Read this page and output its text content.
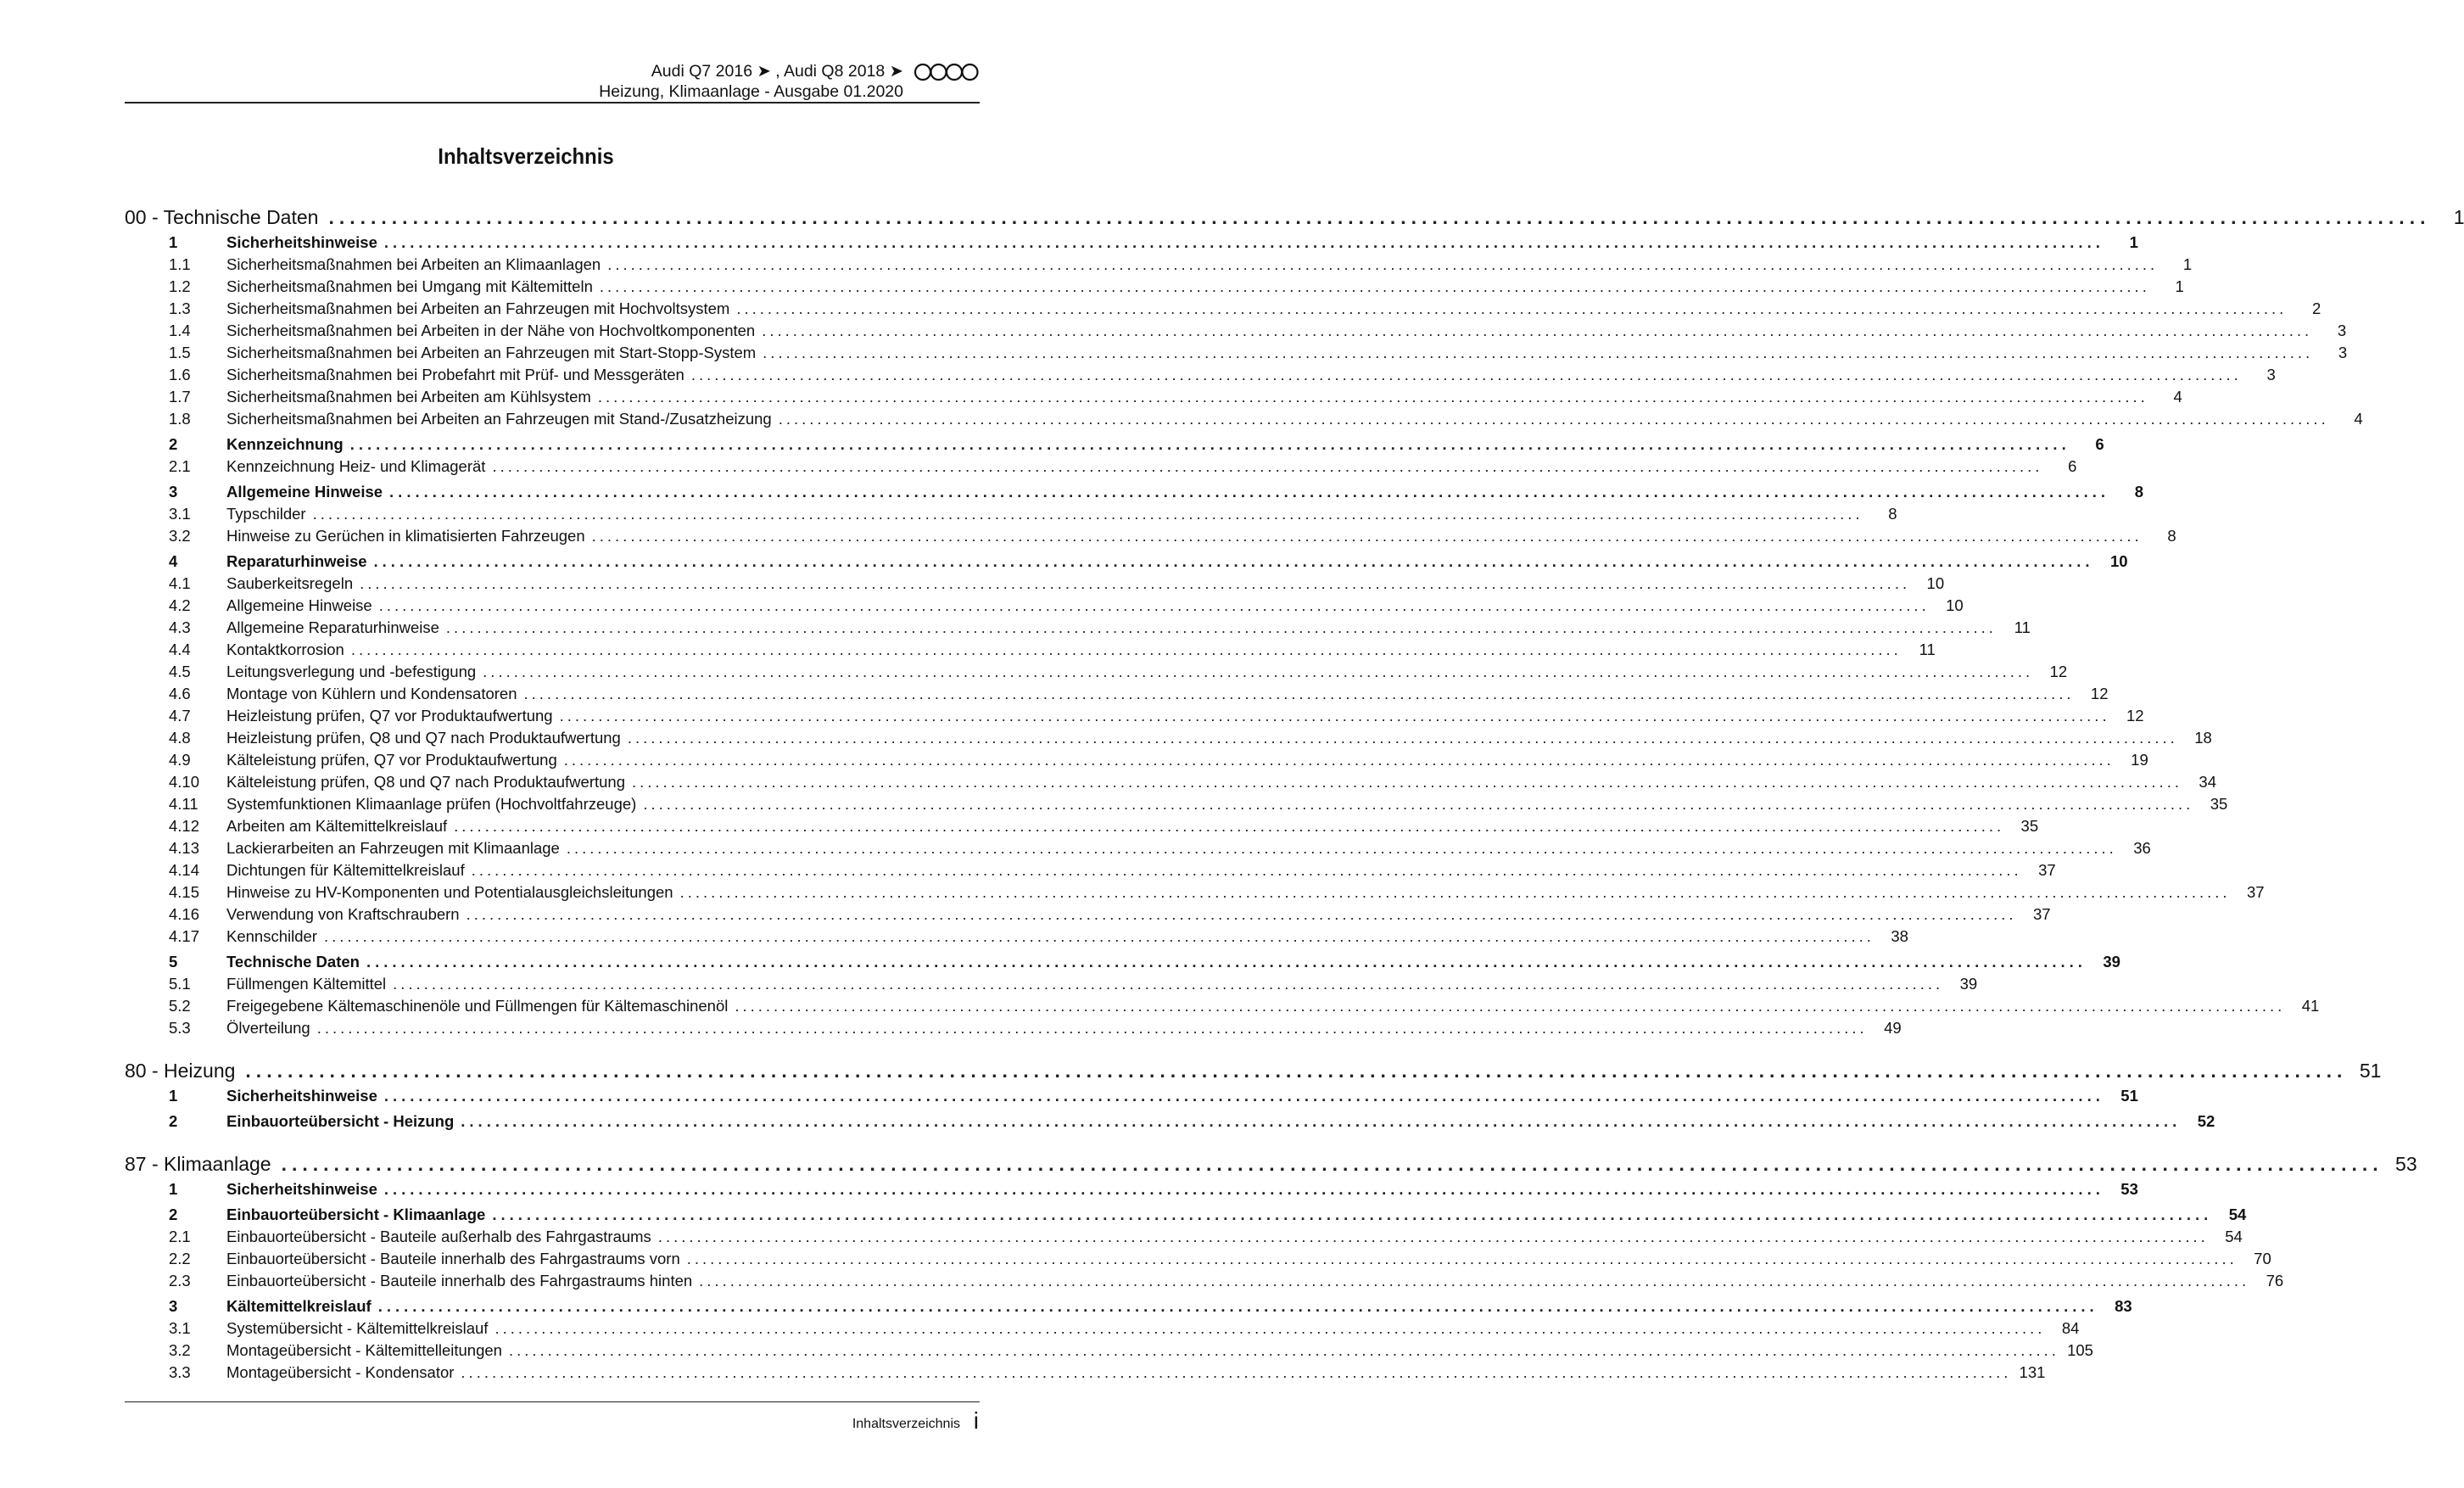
Audi Q7 2016 ➤ , Audi Q8 2018 ➤
Heizung, Klimaanlage - Ausgabe 01.2020
Inhaltsverzeichnis
00 - Technische Daten ........................................................................................................................................................................................................	1
1	Sicherheitshinweise ........................................................................................................................................................................................................	1
1.1	Sicherheitsmaßnahmen bei Arbeiten an Klimaanlagen ........................................................................................................................................................................................................	1
1.2	Sicherheitsmaßnahmen bei Umgang mit Kältemitteln ........................................................................................................................................................................................................	1
1.3	Sicherheitsmaßnahmen bei Arbeiten an Fahrzeugen mit Hochvoltsystem ........................................................................................................................................................................................................	2
1.4	Sicherheitsmaßnahmen bei Arbeiten in der Nähe von Hochvoltkomponenten ........................................................................................................................................................................................................	3
1.5	Sicherheitsmaßnahmen bei Arbeiten an Fahrzeugen mit Start-Stopp-System ........................................................................................................................................................................................................	3
1.6	Sicherheitsmaßnahmen bei Probefahrt mit Prüf- und Messgeräten ........................................................................................................................................................................................................	3
1.7	Sicherheitsmaßnahmen bei Arbeiten am Kühlsystem ........................................................................................................................................................................................................	4
1.8	Sicherheitsmaßnahmen bei Arbeiten an Fahrzeugen mit Stand-/Zusatzheizung ........................................................................................................................................................................................................	4
2	Kennzeichnung ........................................................................................................................................................................................................	6
2.1	Kennzeichnung Heiz- und Klimagerät ........................................................................................................................................................................................................	6
3	Allgemeine Hinweise ........................................................................................................................................................................................................	8
3.1	Typschilder ........................................................................................................................................................................................................	8
3.2	Hinweise zu Gerüchen in klimatisierten Fahrzeugen ........................................................................................................................................................................................................	8
4	Reparaturhinweise ........................................................................................................................................................................................................	10
4.1	Sauberkeitsregeln ........................................................................................................................................................................................................	10
4.2	Allgemeine Hinweise ........................................................................................................................................................................................................	10
4.3	Allgemeine Reparaturhinweise ........................................................................................................................................................................................................	11
4.4	Kontaktkorrosion ........................................................................................................................................................................................................	11
4.5	Leitungsverlegung und -befestigung ........................................................................................................................................................................................................	12
4.6	Montage von Kühlern und Kondensatoren ........................................................................................................................................................................................................	12
4.7	Heizleistung prüfen, Q7 vor Produktaufwertung ........................................................................................................................................................................................................	12
4.8	Heizleistung prüfen, Q8 und Q7 nach Produktaufwertung ........................................................................................................................................................................................................	18
4.9	Kälteleistung prüfen, Q7 vor Produktaufwertung ........................................................................................................................................................................................................	19
4.10	Kälteleistung prüfen, Q8 und Q7 nach Produktaufwertung ........................................................................................................................................................................................................	34
4.11	Systemfunktionen Klimaanlage prüfen (Hochvoltfahrzeuge) ........................................................................................................................................................................................................	35
4.12	Arbeiten am Kältemittelkreislauf ........................................................................................................................................................................................................	35
4.13	Lackierarbeiten an Fahrzeugen mit Klimaanlage ........................................................................................................................................................................................................	36
4.14	Dichtungen für Kältemittelkreislauf ........................................................................................................................................................................................................	37
4.15	Hinweise zu HV-Komponenten und Potentialausgleichsleitungen ........................................................................................................................................................................................................	37
4.16	Verwendung von Kraftschraubern ........................................................................................................................................................................................................	37
4.17	Kennschilder ........................................................................................................................................................................................................	38
5	Technische Daten ........................................................................................................................................................................................................	39
5.1	Füllmengen Kältemittel ........................................................................................................................................................................................................	39
5.2	Freigegebene Kältemaschinenöle und Füllmengen für Kältemaschinenöl ........................................................................................................................................................................................................	41
5.3	Ölverteilung ........................................................................................................................................................................................................	49
80 - Heizung ........................................................................................................................................................................................................ 51
1	Sicherheitshinweise ........................................................................................................................................................................................................	51
2	Einbauorteübersicht - Heizung ........................................................................................................................................................................................................	52
87 - Klimaanlage ........................................................................................................................................................................................................ 53
1	Sicherheitshinweise ........................................................................................................................................................................................................	53
2	Einbauorteübersicht - Klimaanlage ........................................................................................................................................................................................................	54
2.1	Einbauorteübersicht - Bauteile außerhalb des Fahrgastraums ........................................................................................................................................................................................................	54
2.2	Einbauorteübersicht - Bauteile innerhalb des Fahrgastraums vorn ........................................................................................................................................................................................................	70
2.3	Einbauorteübersicht - Bauteile innerhalb des Fahrgastraums hinten ........................................................................................................................................................................................................	76
3	Kältemittelkreislauf ........................................................................................................................................................................................................	83
3.1	Systemübersicht - Kältemittelkreislauf ........................................................................................................................................................................................................	84
3.2	Montageübersicht - Kältemittelleitungen ........................................................................................................................................................................................................ 105
3.3	Montageübersicht - Kondensator ........................................................................................................................................................................................................ 131
Inhaltsverzeichnis i
